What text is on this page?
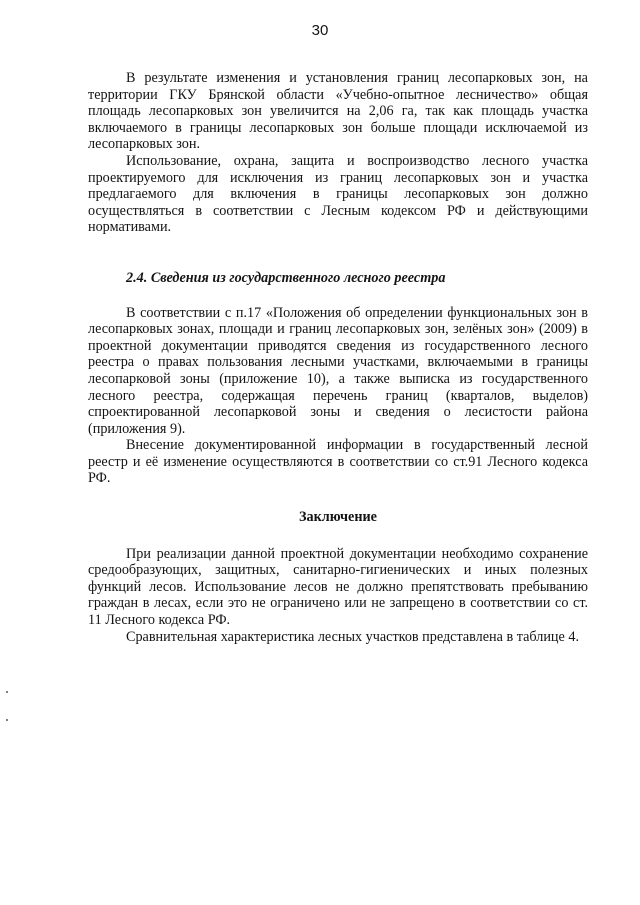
30

В результате изменения и установления границ лесопарковых зон, на территории ГКУ Брянской области «Учебно-опытное лесничество» общая площадь лесопарковых зон увеличится на 2,06 га, так как площадь участка включаемого в границы лесопарковых зон больше площади исключаемой из лесопарковых зон.

Использование, охрана, защита и воспроизводство лесного участка проектируемого для исключения из границ лесопарковых зон и участка предлагаемого для включения в границы лесопарковых зон должно осуществляться в соответствии с Лесным кодексом РФ и действующими нормативами.

2.4. Сведения из государственного лесного реестра

В соответствии с п.17 «Положения об определении функциональных зон в лесопарковых зонах, площади и границ лесопарковых зон, зелёных зон» (2009) в проектной документации приводятся сведения из государственного лесного реестра о правах пользования лесными участками, включаемыми в границы лесопарковой зоны (приложение 10), а также выписка из государственного лесного реестра, содержащая перечень границ (кварталов, выделов) спроектированной лесопарковой зоны и сведения о лесистости района (приложения 9).

Внесение документированной информации в государственный лесной реестр и её изменение осуществляются в соответствии со ст.91 Лесного кодекса РФ.

Заключение

При реализации данной проектной документации необходимо сохранение средообразующих, защитных, санитарно-гигиенических и иных полезных функций лесов. Использование лесов не должно препятствовать пребыванию граждан в лесах, если это не ограничено или не запрещено в соответствии со ст. 11 Лесного кодекса РФ.

Сравнительная характеристика лесных участков представлена в таблице 4.
